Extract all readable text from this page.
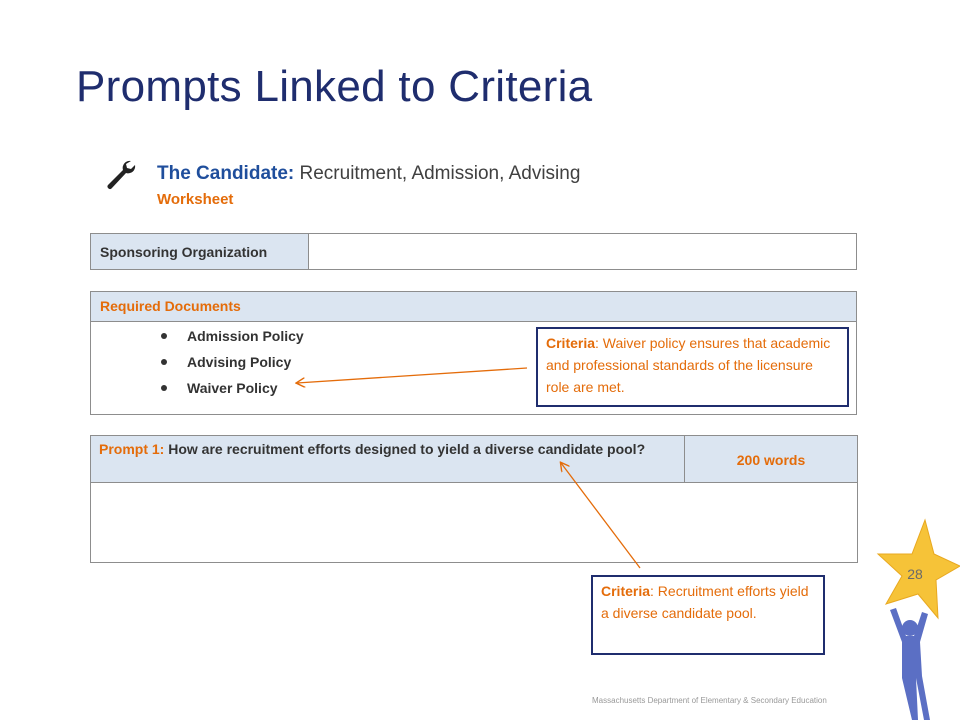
Prompts Linked to Criteria
The Candidate: Recruitment, Admission, Advising
Worksheet
Sponsoring Organization
Required Documents
Admission Policy
Advising Policy
Waiver Policy
Prompt 1: How are recruitment efforts designed to yield a diverse candidate pool?
200 words
Criteria: Waiver policy ensures that academic and professional standards of the licensure role are met.
Criteria: Recruitment efforts yield a diverse candidate pool.
28
Massachusetts Department of Elementary & Secondary Education
